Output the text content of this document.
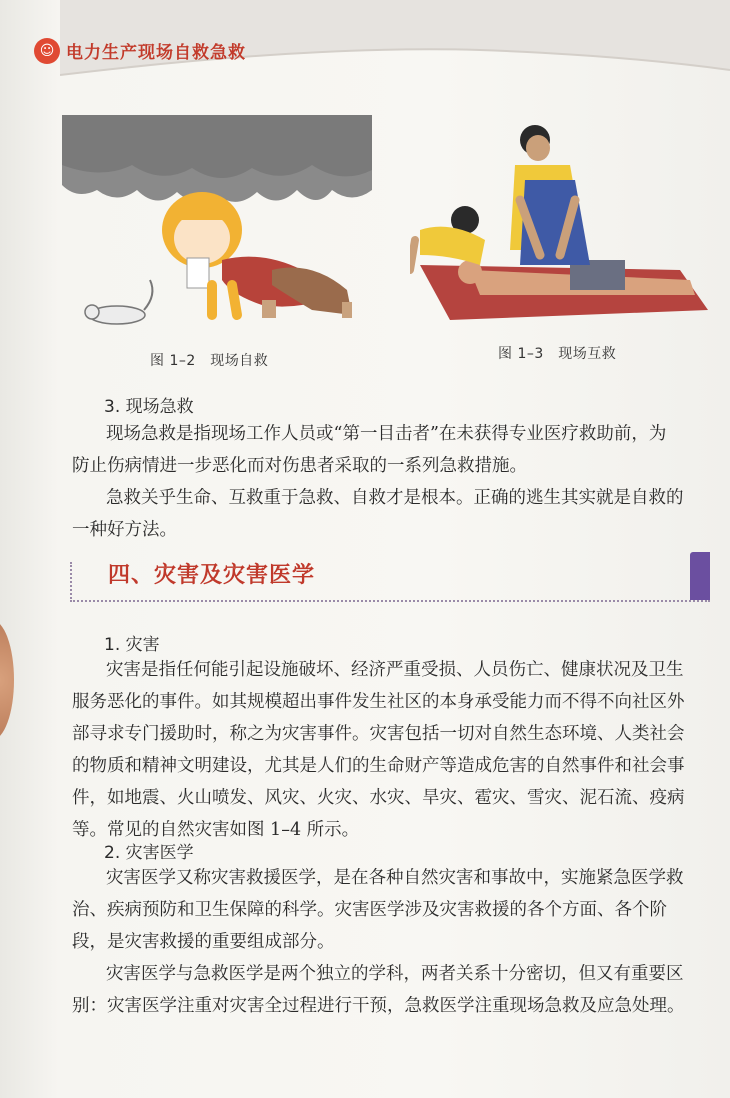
☺ 电力生产现场自救急救
图 1–2　现场自救	图 1–3　现场互救
3. 现场急救

现场急救是指现场工作人员或“第一目击者”在未获得专业医疗救助前，为

防止伤病情进一步恶化而对伤患者采取的一系列急救措施。

急救关乎生命、互救重于急救、自救才是根本。正确的逃生其实就是自救的

一种好方法。
四、灾害及灾害医学
1. 灾害
灾害是指任何能引起设施破坏、经济严重受损、人员伤亡、健康状况及卫生
服务恶化的事件。如其规模超出事件发生社区的本身承受能力而不得不向社区外
部寻求专门援助时，称之为灾害事件。灾害包括一切对自然生态环境、人类社会
的物质和精神文明建设，尤其是人们的生命财产等造成危害的自然事件和社会事
件，如地震、火山喷发、风灾、火灾、水灾、旱灾、雹灾、雪灾、泥石流、疫病
等。常见的自然灾害如图 1–4 所示。
2. 灾害医学
灾害医学又称灾害救援医学，是在各种自然灾害和事故中，实施紧急医学救
治、疾病预防和卫生保障的科学。灾害医学涉及灾害救援的各个方面、各个阶
段，是灾害救援的重要组成部分。
灾害医学与急救医学是两个独立的学科，两者关系十分密切，但又有重要区
别：灾害医学注重对灾害全过程进行干预，急救医学注重现场急救及应急处理。
